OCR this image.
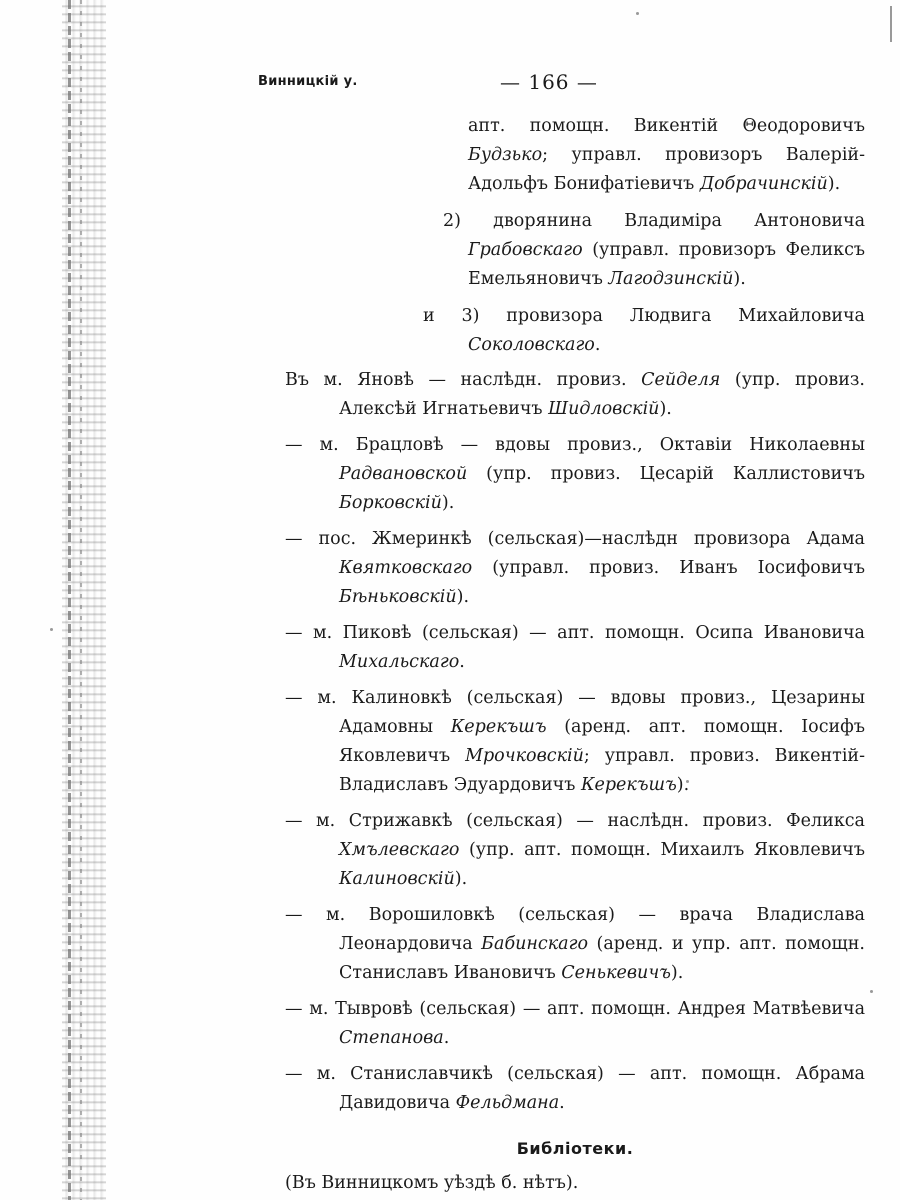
Винницкій у.	— 166 —

апт. помощн. Викентій Θеодоровичъ Будзько; управл. провизоръ Валерій-Адольфъ Бонифатіевичъ Добрачинскій).

2) дворянина Владиміра Антоновича Грабовскаго (управл. провизоръ Феликсъ Емельяновичъ Лагодзинскій).

и 3) провизора Людвига Михайловича Соколовскаго.

Въ м. Яновѣ — наслѣдн. провиз. Сейделя (упр. провиз. Алексѣй Игнатьевичъ Шидловскій).

— м. Брацловѣ — вдовы провиз., Октавіи Николаевны Радвановской (упр. провиз. Цесарій Каллистовичъ Борковскій).

— пос. Жмеринкѣ (сельская)—наслѣдн провизора Адама Квятковскаго (управл. провиз. Иванъ Іосифовичъ Бѣньковскій).

— м. Пиковѣ (сельская) — апт. помощн. Осипа Ивановича Михальскаго.

— м. Калиновкѣ (сельская) — вдовы провиз., Цезарины Адамовны Керекъшъ (аренд. апт. помощн. Іосифъ Яковлевичъ Мрочковскій; управл. провиз. Викентій-Владиславъ Эдуардовичъ Керекъшъ).

— м. Стрижавкѣ (сельская) — наслѣдн. провиз. Феликса Хмълевскаго (упр. апт. помощн. Михаилъ Яковлевичъ Калиновскій).

— м. Ворошиловкѣ (сельская) — врача Владислава Леонардовича Бабинскаго (аренд. и упр. апт. помощн. Станиславъ Ивановичъ Сенькевичъ).

— м. Тывровѣ (сельская) — апт. помощн. Андрея Матвѣевича Степанова.

— м. Станиславчикѣ (сельская) — апт. помощн. Абрама Давидовича Фельдмана.

Библіотеки.

(Въ Винницкомъ уѣздѣ б. нѣтъ).
